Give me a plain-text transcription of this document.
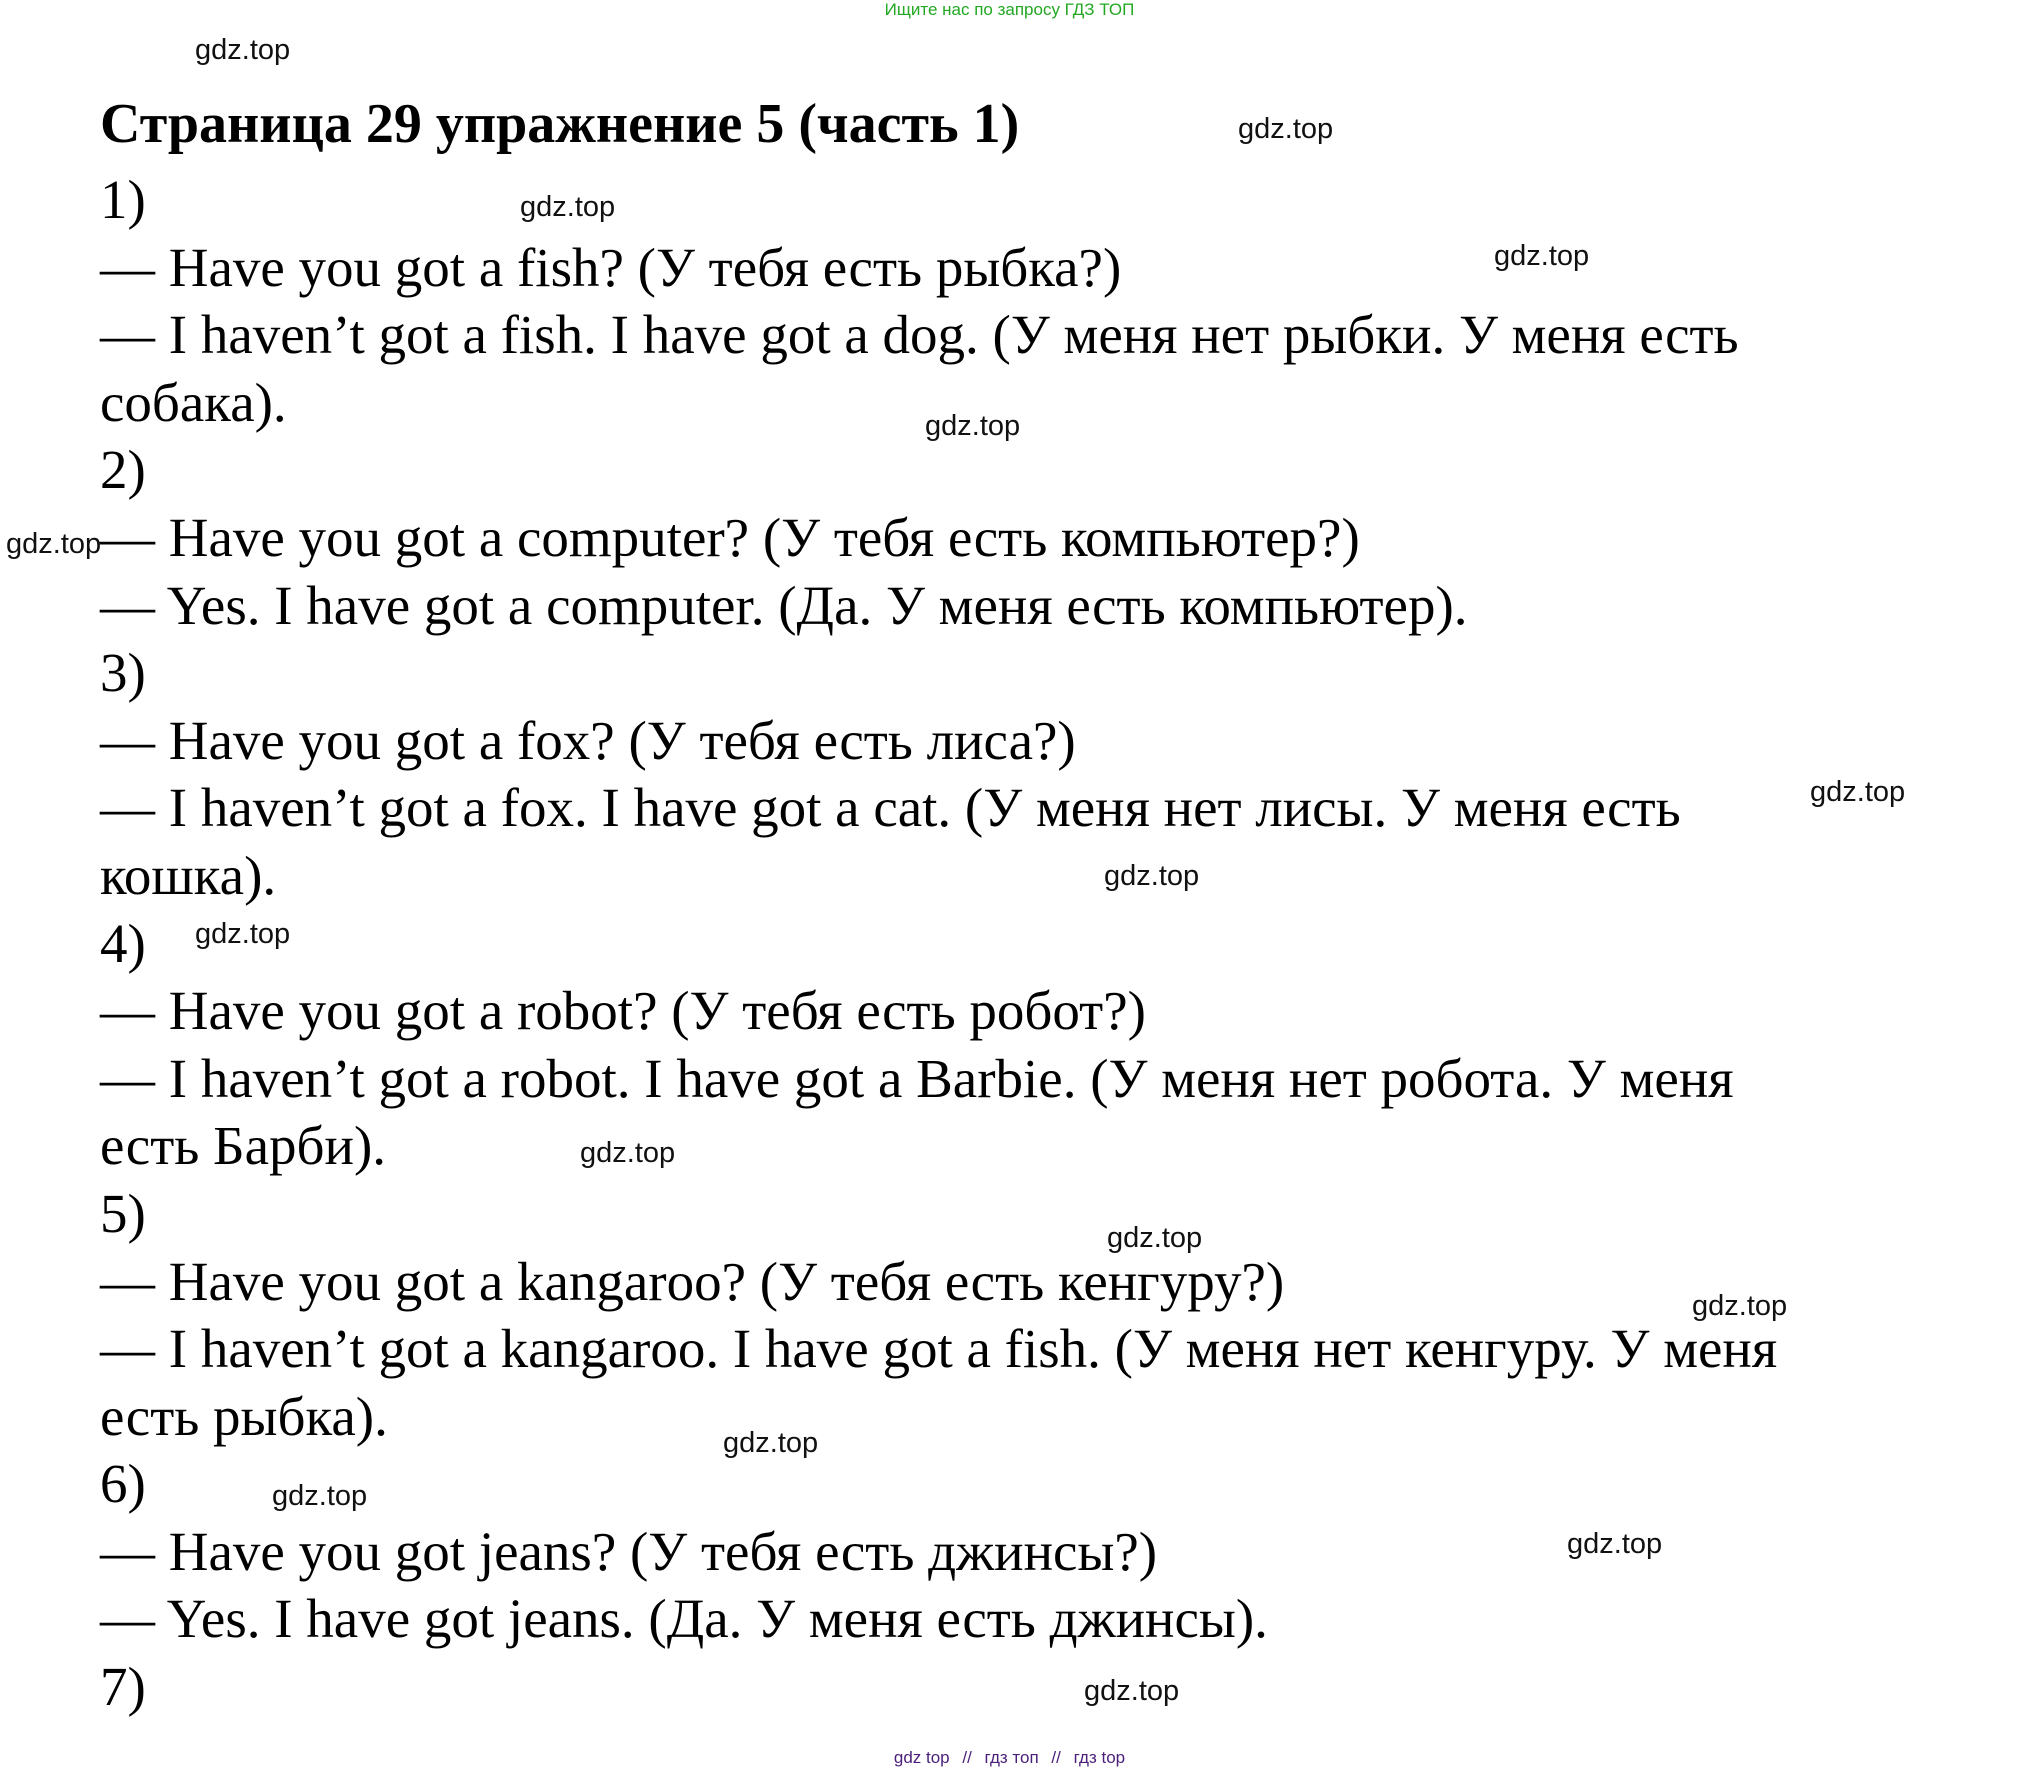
Ищите нас по запросу ГДЗ ТОП
Страница 29 упражнение 5 (часть 1)
1)
— Have you got a fish? (У тебя есть рыбка?)
— I haven’t got a fish. I have got a dog. (У меня нет рыбки. У меня есть
собака).
2)
— Have you got a computer? (У тебя есть компьютер?)
— Yes. I have got a computer. (Да. У меня есть компьютер).
3)
— Have you got a fox? (У тебя есть лиса?)
— I haven’t got a fox. I have got a cat. (У меня нет лисы. У меня есть
кошка).
4)
— Have you got a robot? (У тебя есть робот?)
— I haven’t got a robot. I have got a Barbie. (У меня нет робота. У меня
есть Барби).
5)
— Have you got a kangaroo? (У тебя есть кенгуру?)
— I haven’t got a kangaroo. I have got a fish. (У меня нет кенгуру. У меня
есть рыбка).
6)
— Have you got jeans? (У тебя есть джинсы?)
— Yes. I have got jeans. (Да. У меня есть джинсы).
7)
gdz.top
gdz.top
gdz.top
gdz.top
gdz.top
gdz.top
gdz.top
gdz.top
gdz.top
gdz.top
gdz.top
gdz.top
gdz.top
gdz.top
gdz.top
gdz.top
gdz top // гдз топ // гдз top
